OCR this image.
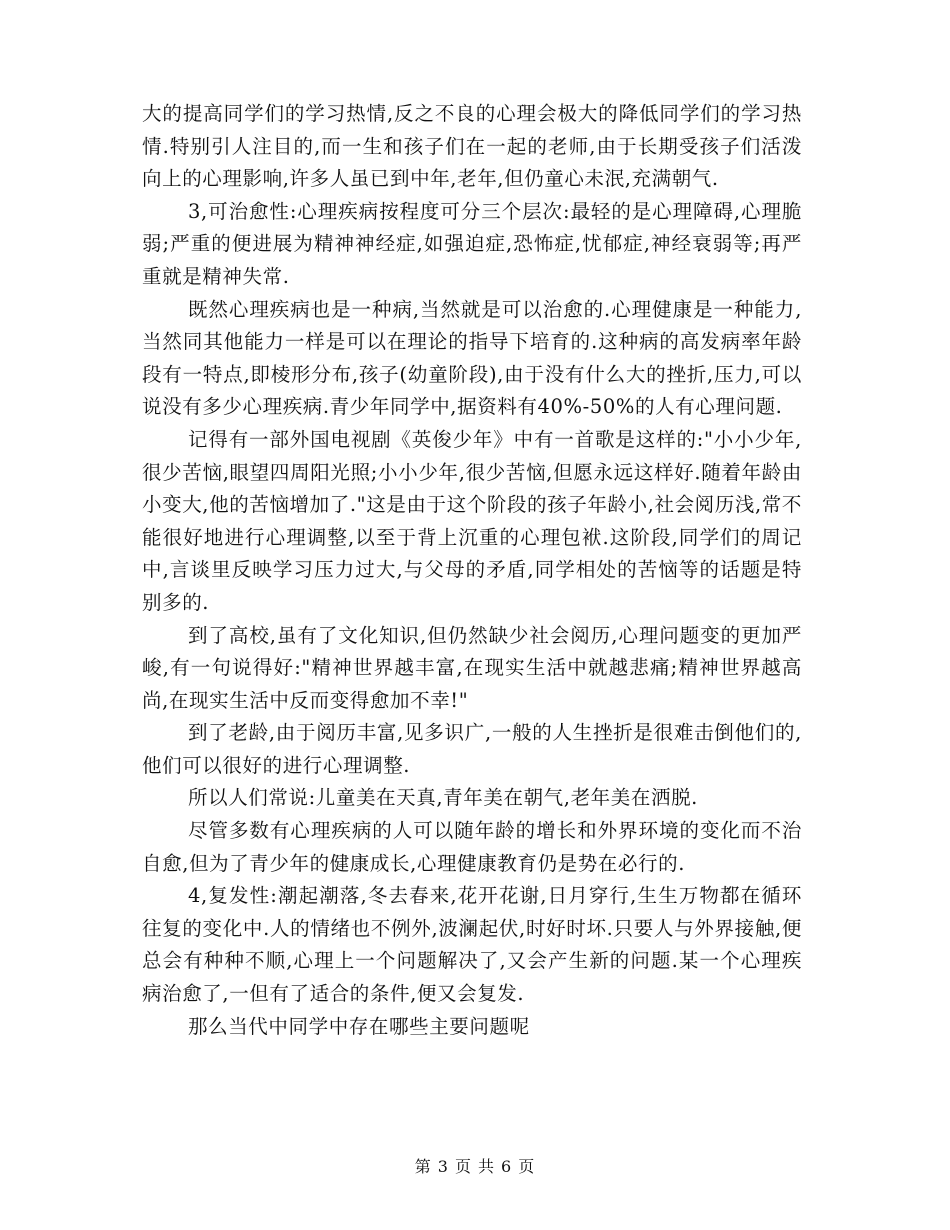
大的提高同学们的学习热情,反之不良的心理会极大的降低同学们的学习热情.特别引人注目的,而一生和孩子们在一起的老师,由于长期受孩子们活泼向上的心理影响,许多人虽已到中年,老年,但仍童心未泯,充满朝气.

3,可治愈性:心理疾病按程度可分三个层次:最轻的是心理障碍,心理脆弱;严重的便进展为精神神经症,如强迫症,恐怖症,忧郁症,神经衰弱等;再严重就是精神失常.

既然心理疾病也是一种病,当然就是可以治愈的.心理健康是一种能力,当然同其他能力一样是可以在理论的指导下培育的.这种病的高发病率年龄段有一特点,即棱形分布,孩子(幼童阶段),由于没有什么大的挫折,压力,可以说没有多少心理疾病.青少年同学中,据资料有40%-50%的人有心理问题.

记得有一部外国电视剧《英俊少年》中有一首歌是这样的:"小小少年,很少苦恼,眼望四周阳光照;小小少年,很少苦恼,但愿永远这样好.随着年龄由小变大,他的苦恼增加了."这是由于这个阶段的孩子年龄小,社会阅历浅,常不能很好地进行心理调整,以至于背上沉重的心理包袱.这阶段,同学们的周记中,言谈里反映学习压力过大,与父母的矛盾,同学相处的苦恼等的话题是特别多的.

到了高校,虽有了文化知识,但仍然缺少社会阅历,心理问题变的更加严峻,有一句说得好:"精神世界越丰富,在现实生活中就越悲痛;精神世界越高尚,在现实生活中反而变得愈加不幸!"

到了老龄,由于阅历丰富,见多识广,一般的人生挫折是很难击倒他们的,他们可以很好的进行心理调整.

所以人们常说:儿童美在天真,青年美在朝气,老年美在洒脱.

尽管多数有心理疾病的人可以随年龄的增长和外界环境的变化而不治自愈,但为了青少年的健康成长,心理健康教育仍是势在必行的.

4,复发性:潮起潮落,冬去春来,花开花谢,日月穿行,生生万物都在循环往复的变化中.人的情绪也不例外,波澜起伏,时好时坏.只要人与外界接触,便总会有种种不顺,心理上一个问题解决了,又会产生新的问题.某一个心理疾病治愈了,一但有了适合的条件,便又会复发.

那么当代中同学中存在哪些主要问题呢

第 3 页 共 6 页
